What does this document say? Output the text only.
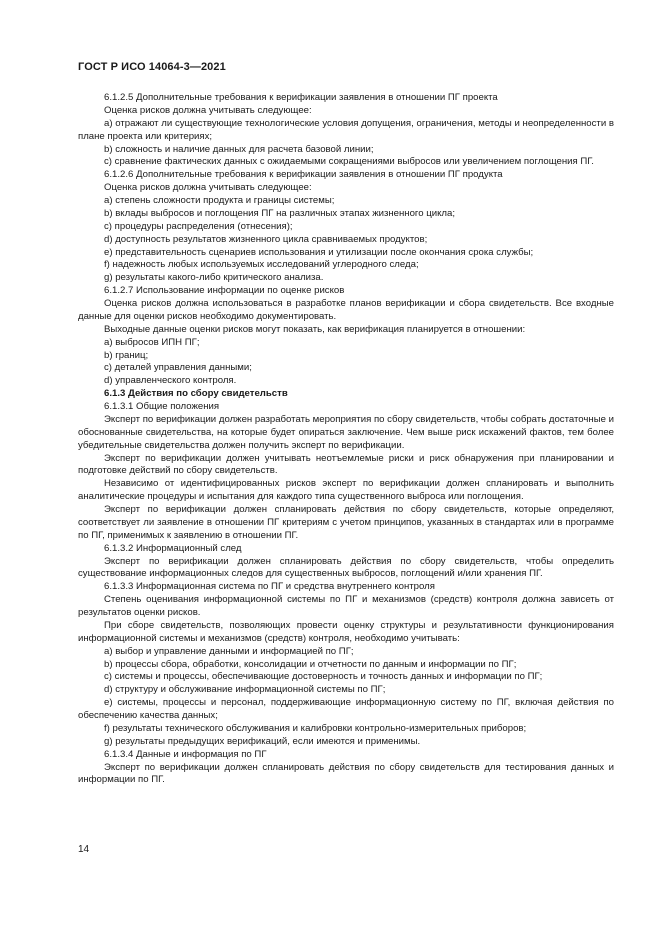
ГОСТ Р ИСО 14064-3—2021

6.1.2.5 Дополнительные требования к верификации заявления в отношении ПГ проекта

Оценка рисков должна учитывать следующее:

a) отражают ли существующие технологические условия допущения, ограничения, методы и неопределенности в плане проекта или критериях;

b) сложность и наличие данных для расчета базовой линии;

c) сравнение фактических данных с ожидаемыми сокращениями выбросов или увеличением поглощения ПГ.

6.1.2.6 Дополнительные требования к верификации заявления в отношении ПГ продукта

Оценка рисков должна учитывать следующее:

a) степень сложности продукта и границы системы;

b) вклады выбросов и поглощения ПГ на различных этапах жизненного цикла;

c) процедуры распределения (отнесения);

d) доступность результатов жизненного цикла сравниваемых продуктов;

e) представительность сценариев использования и утилизации после окончания срока службы;

f) надежность любых используемых исследований углеродного следа;

g) результаты какого-либо критического анализа.

6.1.2.7 Использование информации по оценке рисков

Оценка рисков должна использоваться в разработке планов верификации и сбора свидетельств. Все входные данные для оценки рисков необходимо документировать.

Выходные данные оценки рисков могут показать, как верификация планируется в отношении:

a) выбросов ИПН ПГ;

b) границ;

c) деталей управления данными;

d) управленческого контроля.

6.1.3 Действия по сбору свидетельств

6.1.3.1 Общие положения

Эксперт по верификации должен разработать мероприятия по сбору свидетельств, чтобы собрать достаточные и обоснованные свидетельства, на которые будет опираться заключение. Чем выше риск искажений фактов, тем более убедительные свидетельства должен получить эксперт по верификации.

Эксперт по верификации должен учитывать неотъемлемые риски и риск обнаружения при планировании и подготовке действий по сбору свидетельств.

Независимо от идентифицированных рисков эксперт по верификации должен спланировать и выполнить аналитические процедуры и испытания для каждого типа существенного выброса или поглощения.

Эксперт по верификации должен спланировать действия по сбору свидетельств, которые определяют, соответствует ли заявление в отношении ПГ критериям с учетом принципов, указанных в стандартах или в программе по ПГ, применимых к заявлению в отношении ПГ.

6.1.3.2 Информационный след

Эксперт по верификации должен спланировать действия по сбору свидетельств, чтобы определить существование информационных следов для существенных выбросов, поглощений и/или хранения ПГ.

6.1.3.3 Информационная система по ПГ и средства внутреннего контроля

Степень оценивания информационной системы по ПГ и механизмов (средств) контроля должна зависеть от результатов оценки рисков.

При сборе свидетельств, позволяющих провести оценку структуры и результативности функционирования информационной системы и механизмов (средств) контроля, необходимо учитывать:

a) выбор и управление данными и информацией по ПГ;

b) процессы сбора, обработки, консолидации и отчетности по данным и информации по ПГ;

c) системы и процессы, обеспечивающие достоверность и точность данных и информации по ПГ;

d) структуру и обслуживание информационной системы по ПГ;

e) системы, процессы и персонал, поддерживающие информационную систему по ПГ, включая действия по обеспечению качества данных;

f) результаты технического обслуживания и калибровки контрольно-измерительных приборов;

g) результаты предыдущих верификаций, если имеются и применимы.

6.1.3.4 Данные и информация по ПГ

Эксперт по верификации должен спланировать действия по сбору свидетельств для тестирования данных и информации по ПГ.

14
